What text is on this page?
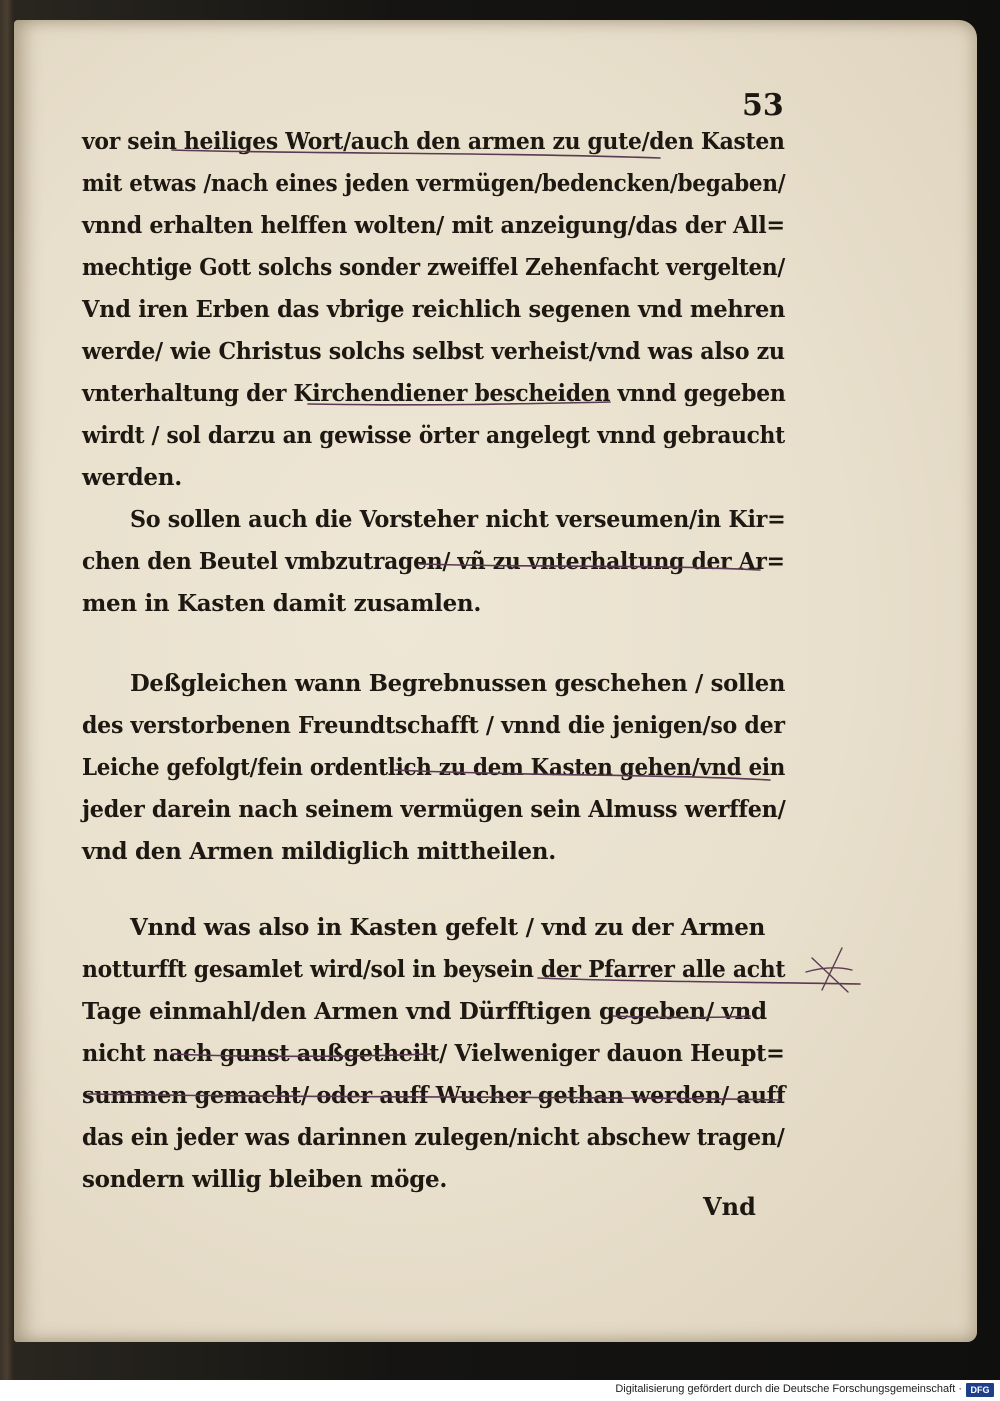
53
vor sein heiliges Wort/auch den armen zu gute/den Kasten
mit etwas /nach eines jeden vermügen/bedencken/begaben/
vnnd erhalten helffen wolten/ mit anzeigung/das der All=
mechtige Gott solchs sonder zweiffel Zehenfacht vergelten/
Vnd iren Erben das vbrige reichlich segenen vnd mehren
werde/ wie Christus solchs selbst verheist/vnd was also zu
vnterhaltung der Kirchendiener bescheiden vnnd gegeben
wirdt / sol darzu an gewisse örter angelegt vnnd gebraucht
werden.
So sollen auch die Vorsteher nicht verseumen/in Kir=
chen den Beutel vmbzutragen/ vñ zu vnterhaltung der Ar=
men in Kasten damit zusamlen.
Deßgleichen wann Begrebnussen geschehen / sollen
des verstorbenen Freundtschafft / vnnd die jenigen/so der
Leiche gefolgt/fein ordentlich zu dem Kasten gehen/vnd ein
jeder darein nach seinem vermügen sein Almuss werffen/
vnd den Armen mildiglich mittheilen.
Vnnd was also in Kasten gefelt / vnd zu der Armen
notturfft gesamlet wird/sol in beysein der Pfarrer alle acht
Tage einmahl/den Armen vnd Dürfftigen gegeben/ vnd
nicht nach gunst außgetheilt/ Vielweniger dauon Heupt=
summen gemacht/ oder auff Wucher gethan werden/ auff
das ein jeder was darinnen zulegen/nicht abschew tragen/
sondern willig bleiben möge.
Vnd
Digitalisierung gefördert durch die Deutsche Forschungsgemeinschaft · DFG
